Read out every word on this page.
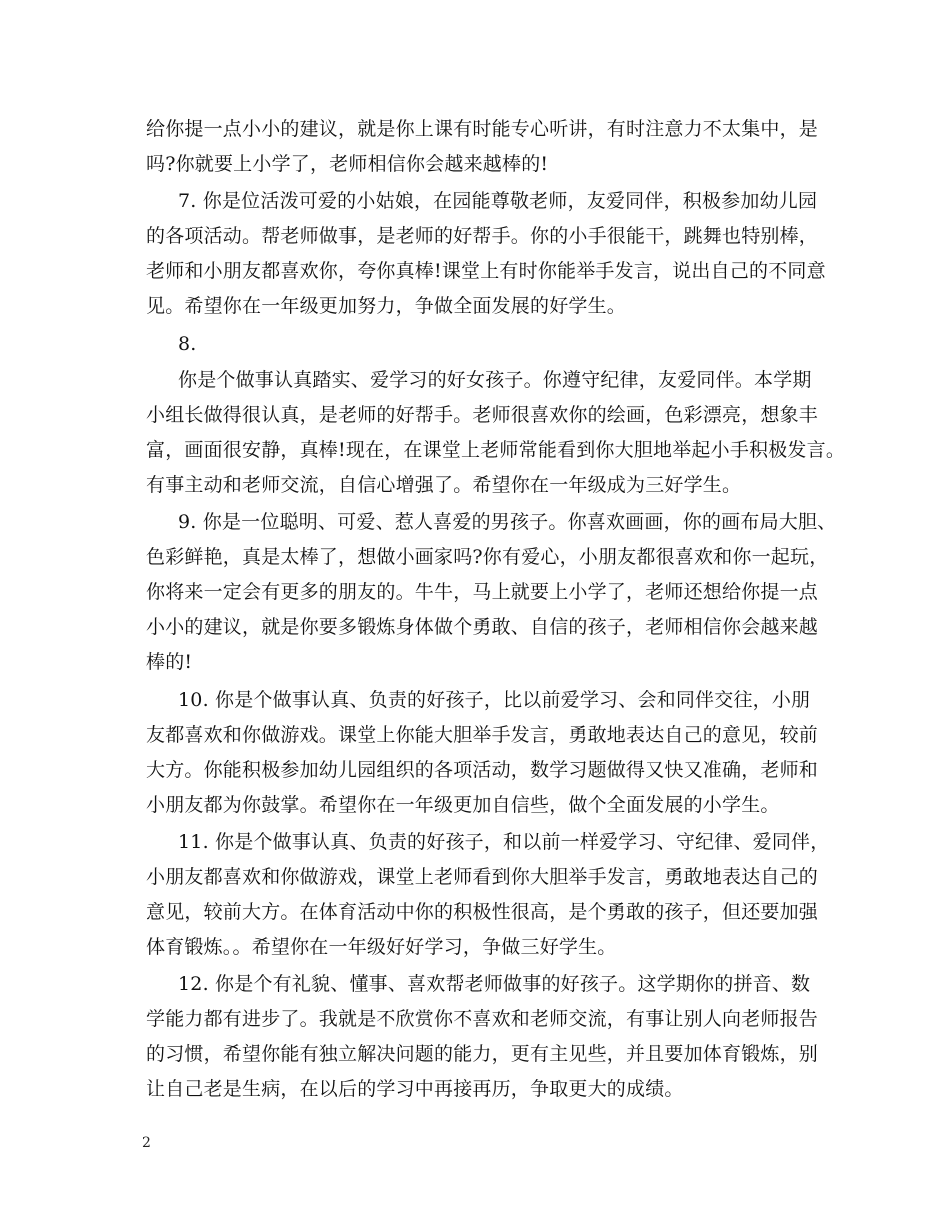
给你提一点小小的建议，就是你上课有时能专心听讲，有时注意力不太集中，是
吗?你就要上小学了，老师相信你会越来越棒的!
7. 你是位活泼可爱的小姑娘，在园能尊敬老师，友爱同伴，积极参加幼儿园
的各项活动。帮老师做事，是老师的好帮手。你的小手很能干，跳舞也特别棒，
老师和小朋友都喜欢你，夸你真棒!课堂上有时你能举手发言，说出自己的不同意
见。希望你在一年级更加努力，争做全面发展的好学生。
8.
你是个做事认真踏实、爱学习的好女孩子。你遵守纪律，友爱同伴。本学期
小组长做得很认真，是老师的好帮手。老师很喜欢你的绘画，色彩漂亮，想象丰
富，画面很安静，真棒!现在，在课堂上老师常能看到你大胆地举起小手积极发言。
有事主动和老师交流，自信心增强了。希望你在一年级成为三好学生。
9. 你是一位聪明、可爱、惹人喜爱的男孩子。你喜欢画画，你的画布局大胆、
色彩鲜艳，真是太棒了，想做小画家吗?你有爱心，小朋友都很喜欢和你一起玩，
你将来一定会有更多的朋友的。牛牛，马上就要上小学了，老师还想给你提一点
小小的建议，就是你要多锻炼身体做个勇敢、自信的孩子，老师相信你会越来越
棒的!
10. 你是个做事认真、负责的好孩子，比以前爱学习、会和同伴交往，小朋
友都喜欢和你做游戏。课堂上你能大胆举手发言，勇敢地表达自己的意见，较前
大方。你能积极参加幼儿园组织的各项活动，数学习题做得又快又准确，老师和
小朋友都为你鼓掌。希望你在一年级更加自信些，做个全面发展的小学生。
11. 你是个做事认真、负责的好孩子，和以前一样爱学习、守纪律、爱同伴，
小朋友都喜欢和你做游戏，课堂上老师看到你大胆举手发言，勇敢地表达自己的
意见，较前大方。在体育活动中你的积极性很高，是个勇敢的孩子，但还要加强
体育锻炼。。希望你在一年级好好学习，争做三好学生。
12. 你是个有礼貌、懂事、喜欢帮老师做事的好孩子。这学期你的拼音、数
学能力都有进步了。我就是不欣赏你不喜欢和老师交流，有事让别人向老师报告
的习惯，希望你能有独立解决问题的能力，更有主见些，并且要加体育锻炼，别
让自己老是生病，在以后的学习中再接再历，争取更大的成绩。
2
